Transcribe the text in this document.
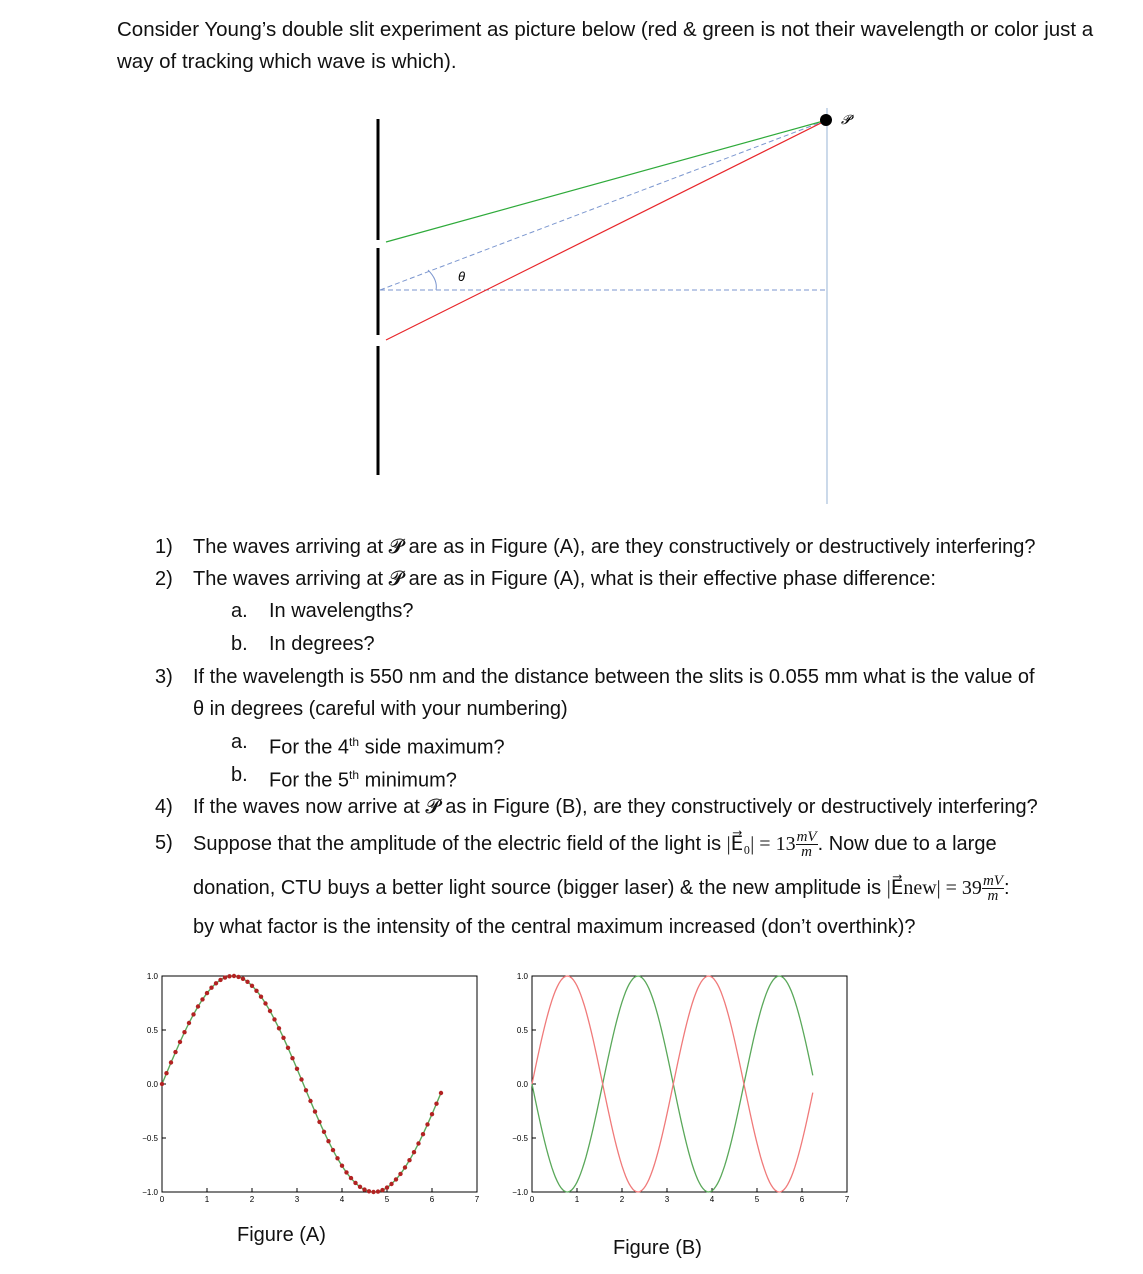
Consider Young’s double slit experiment as picture below (red & green is not their wavelength or color just a way of tracking which wave is which).
θ
𝓟
1) The waves arriving at 𝓟 are as in Figure (A), are they constructively or destructively interfering?
2) The waves arriving at 𝓟 are as in Figure (A), what is their effective phase difference:
a. In wavelengths?
b. In degrees?
3) If the wavelength is 550 nm and the distance between the slits is 0.055 mm what is the value of
θ in degrees (careful with your numbering)
a. For the 4th side maximum?
b. For the 5th minimum?
4) If the waves now arrive at 𝓟 as in Figure (B), are they constructively or destructively interfering?
5) Suppose that the amplitude of the electric field of the light is |E⃗₀| = $13 \frac{mV}{m}$ . Now due to a large
donation, CTU buys a better light source (bigger laser) & the new amplitude is |E⃗new| = $39 \frac{mV}{m}$ :
by what factor is the intensity of the central maximum increased (don’t overthink)?
0	1	2	3	4	5	6	7
1.0
0.5
0.0
−0.5
−1.0
0	1	2	3	4	5	6	7
1.0
0.5
0.0
−0.5
−1.0
Figure (A)
Figure (B)
